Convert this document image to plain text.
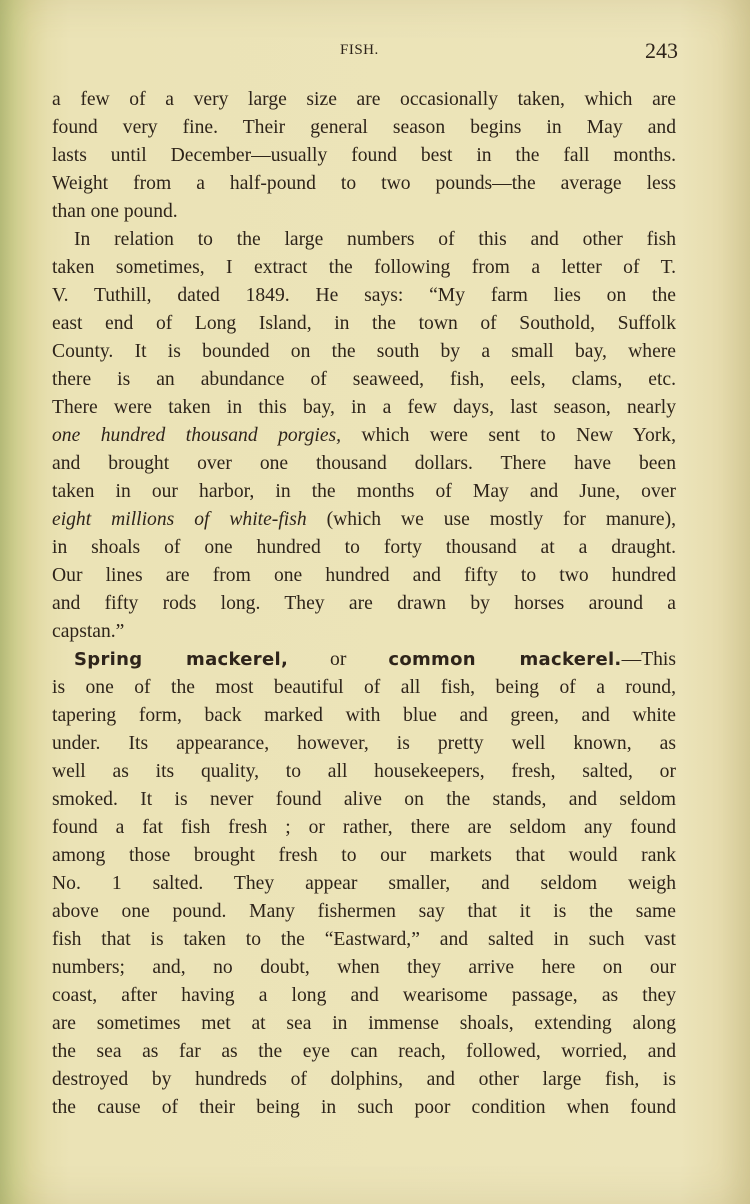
FISH.	243
a few of a very large size are occasionally taken, which are
found very fine. Their general season begins in May and
lasts until December—usually found best in the fall months.
Weight from a half-pound to two pounds—the average less
than one pound.
In relation to the large numbers of this and other fish
taken sometimes, I extract the following from a letter of T.
V. Tuthill, dated 1849. He says: “My farm lies on the
east end of Long Island, in the town of Southold, Suffolk
County. It is bounded on the south by a small bay, where
there is an abundance of seaweed, fish, eels, clams, etc.
There were taken in this bay, in a few days, last season, nearly
one hundred thousand porgies, which were sent to New York,
and brought over one thousand dollars. There have been
taken in our harbor, in the months of May and June, over
eight millions of white-fish (which we use mostly for manure),
in shoals of one hundred to forty thousand at a draught.
Our lines are from one hundred and fifty to two hundred
and fifty rods long. They are drawn by horses around a
capstan.”
Spring mackerel, or common mackerel.—This
is one of the most beautiful of all fish, being of a round,
tapering form, back marked with blue and green, and white
under. Its appearance, however, is pretty well known, as
well as its quality, to all housekeepers, fresh, salted, or
smoked. It is never found alive on the stands, and seldom
found a fat fish fresh ; or rather, there are seldom any found
among those brought fresh to our markets that would rank
No. 1 salted. They appear smaller, and seldom weigh
above one pound. Many fishermen say that it is the same
fish that is taken to the “Eastward,” and salted in such vast
numbers; and, no doubt, when they arrive here on our
coast, after having a long and wearisome passage, as they
are sometimes met at sea in immense shoals, extending along
the sea as far as the eye can reach, followed, worried, and
destroyed by hundreds of dolphins, and other large fish, is
the cause of their being in such poor condition when found
